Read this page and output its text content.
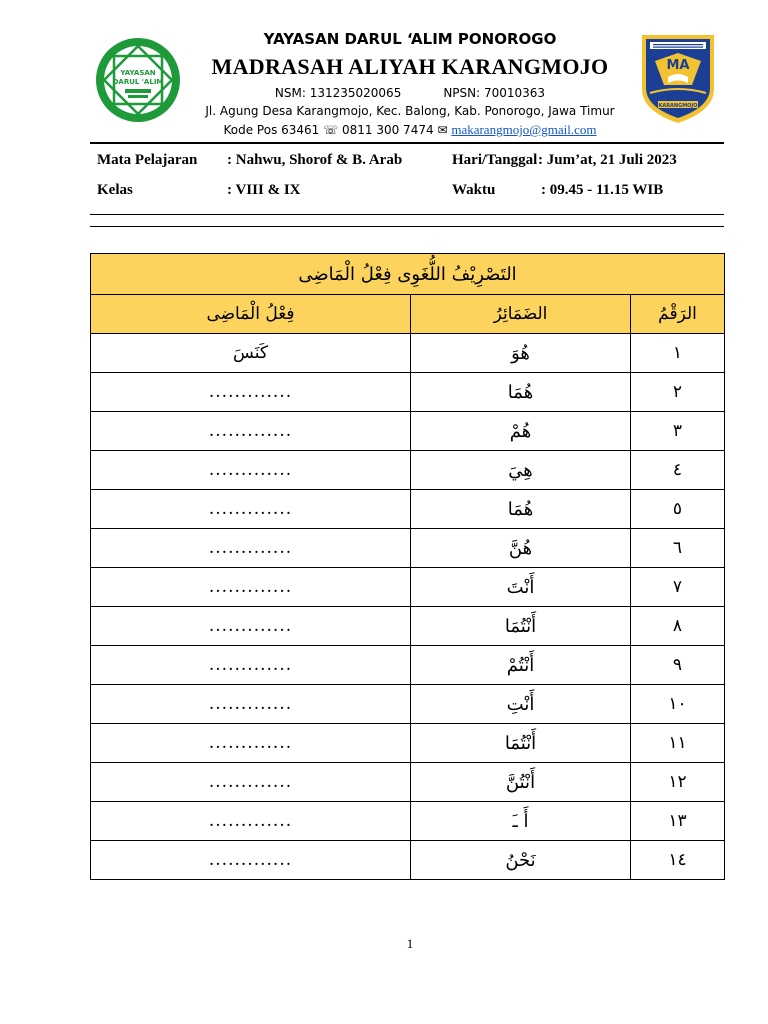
YAYASAN
DARUL 'ALIM
MA
KARANGMOJO
YAYASAN DARUL ‘ALIM PONOROGO
MADRASAH ALIYAH KARANGMOJO
NSM: 131235020065	NPSN: 70010363
Jl. Agung Desa Karangmojo, Kec. Balong, Kab. Ponorogo, Jawa Timur
Kode Pos 63461 ☏ 0811 300 7474 ✉ makarangmojo@gmail.com
Mata Pelajaran : Nahwu, Shorof & B. Arab	Hari/Tanggal : Jum’at, 21 Juli 2023
Kelas	: VIII & IX	Waktu	: 09.45 - 11.15 WIB
التَصْرِيْفُ اللُّغَوِى فِعْلُ الْمَاضِى		
فِعْلُ الْمَاضِى	الضَمَائِرُ	الرَقْمُ
كَنَسَ	هُوَ	١
.............	هُمَا	٢
.............	هُمْ	٣
.............	هِيَ	٤
.............	هُمَا	٥
.............	هُنَّ	٦
.............	أَنْتَ	٧
.............	أَنْتُمَا	٨
.............	أَنْتُمْ	٩
.............	أَنْتِ	١٠
.............	أَنْتُمَا	١١
.............	أَنْتُنَّ	١٢
.............	أَ ـَ	١٣
.............	نَحْنُ	١٤
1
